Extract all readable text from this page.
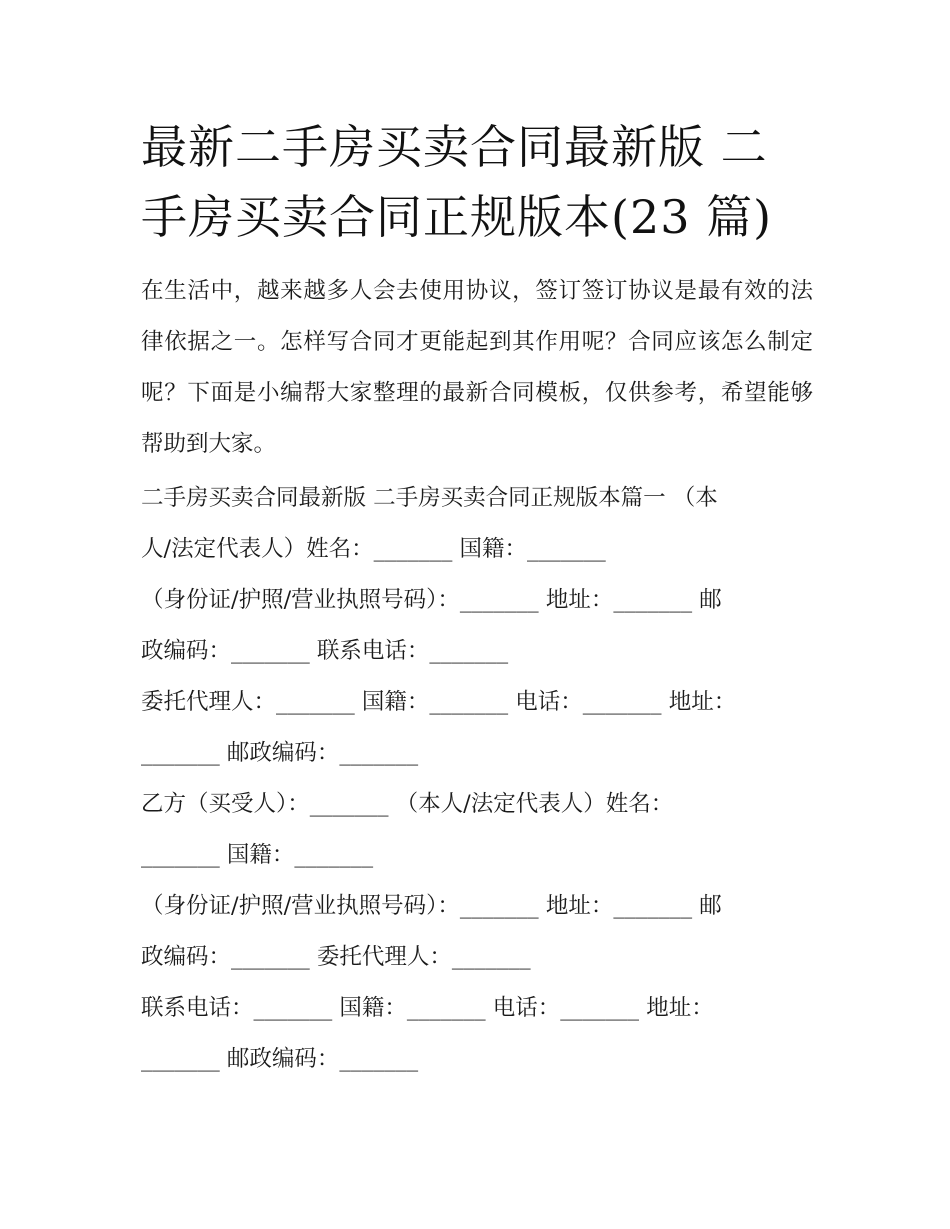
最新二手房买卖合同最新版 二
手房买卖合同正规版本(23 篇)

在生活中，越来越多人会去使用协议，签订签订协议是最有效的法律依据之一。怎样写合同才更能起到其作用呢？合同应该怎么制定呢？下面是小编帮大家整理的最新合同模板，仅供参考，希望能够帮助到大家。

二手房买卖合同最新版 二手房买卖合同正规版本篇一 （本
人/法定代表人）姓名：_______ 国籍：_______
（身份证/护照/营业执照号码）：_______ 地址：_______ 邮
政编码：_______ 联系电话：_______
委托代理人：_______ 国籍：_______ 电话：_______ 地址：
_______ 邮政编码：_______
乙方（买受人）：_______ （本人/法定代表人）姓名：
_______ 国籍：_______
（身份证/护照/营业执照号码）：_______ 地址：_______ 邮
政编码：_______ 委托代理人：_______
联系电话：_______ 国籍：_______ 电话：_______ 地址：
_______ 邮政编码：_______
